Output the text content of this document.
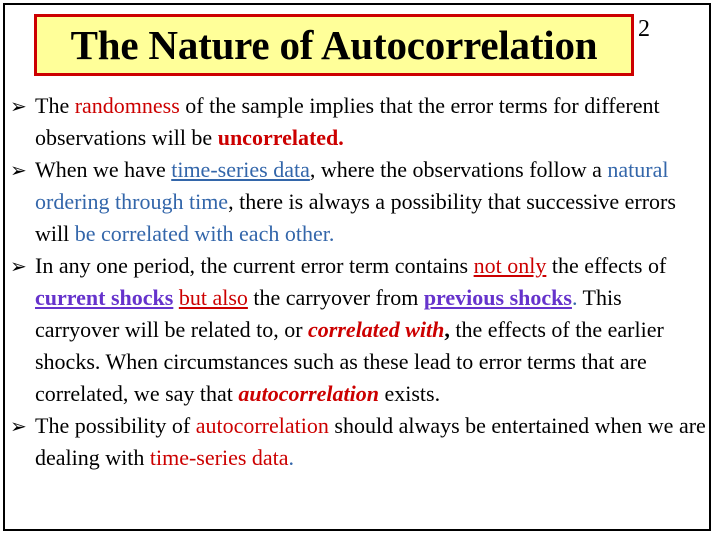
The Nature of Autocorrelation 2
➢ The randomness of the sample implies that the error terms for different observations will be uncorrelated.
➢ When we have time-series data, where the observations follow a natural ordering through time, there is always a possibility that successive errors will be correlated with each other.
➢ In any one period, the current error term contains not only the effects of current shocks but also the carryover from previous shocks. This carryover will be related to, or correlated with, the effects of the earlier shocks. When circumstances such as these lead to error terms that are correlated, we say that autocorrelation exists.
➢ The possibility of autocorrelation should always be entertained when we are dealing with time-series data.
